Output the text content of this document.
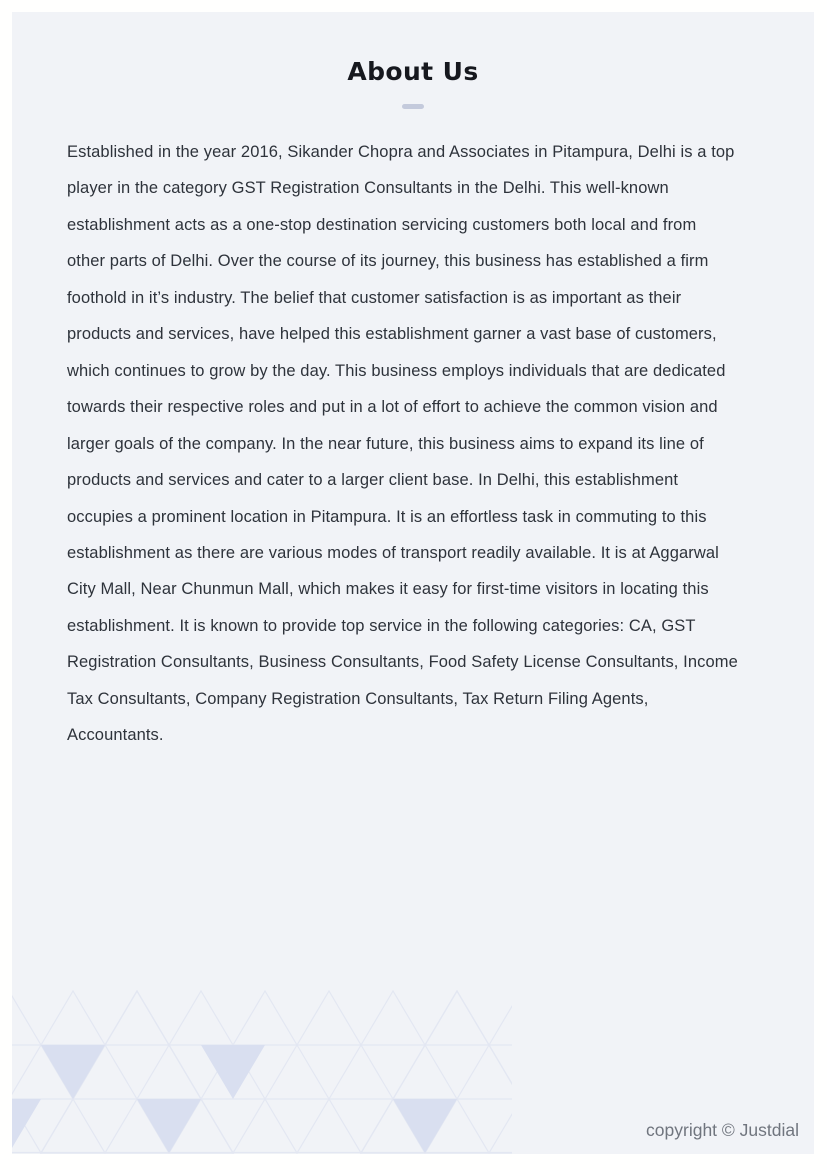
About Us
Established in the year 2016, Sikander Chopra and Associates in Pitampura, Delhi is a top
player in the category GST Registration Consultants in the Delhi. This well-known
establishment acts as a one-stop destination servicing customers both local and from
other parts of Delhi. Over the course of its journey, this business has established a firm
foothold in it’s industry. The belief that customer satisfaction is as important as their
products and services, have helped this establishment garner a vast base of customers,
which continues to grow by the day. This business employs individuals that are dedicated
towards their respective roles and put in a lot of effort to achieve the common vision and
larger goals of the company. In the near future, this business aims to expand its line of
products and services and cater to a larger client base. In Delhi, this establishment
occupies a prominent location in Pitampura. It is an effortless task in commuting to this
establishment as there are various modes of transport readily available. It is at Aggarwal
City Mall, Near Chunmun Mall, which makes it easy for first-time visitors in locating this
establishment. It is known to provide top service in the following categories: CA, GST
Registration Consultants, Business Consultants, Food Safety License Consultants, Income
Tax Consultants, Company Registration Consultants, Tax Return Filing Agents,
Accountants.
copyright © Justdial
